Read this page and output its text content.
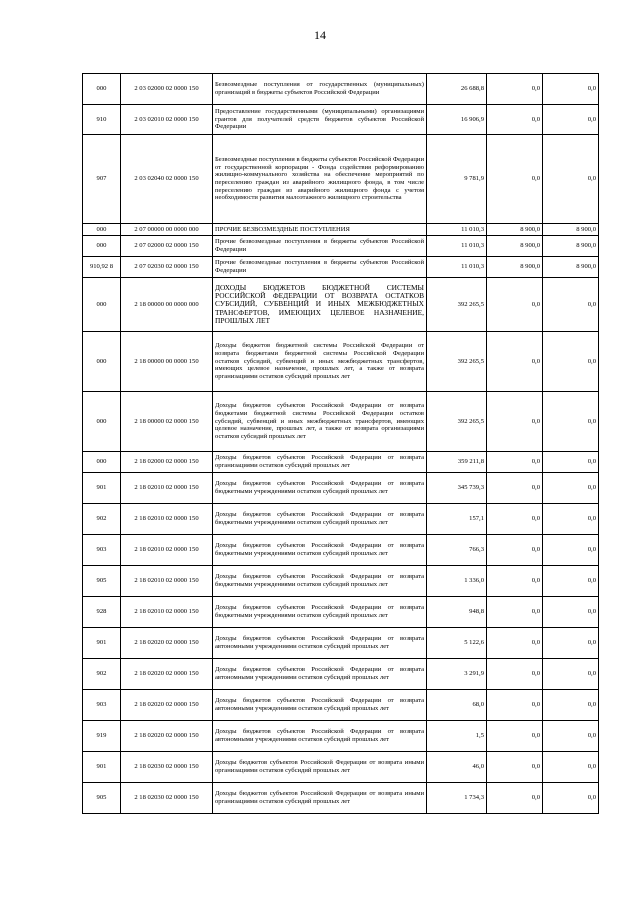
14
000	2 03 02000 02 0000 150	Безвозмездные поступления от государственных (муниципальных) организаций в бюджеты субъектов Российской Федерации	26 688,8	0,0	0,0
910	2 03 02010 02 0000 150	Предоставление государственными (муниципальными) организациями грантов для получателей средств бюджетов субъектов Российской Федерации	16 906,9	0,0	0,0
907	2 03 02040 02 0000 150	Безвозмездные поступления в бюджеты субъектов Российской Федерации от государственной корпорации - Фонда содействия реформированию жилищно-коммунального хозяйства на обеспечение мероприятий по переселению граждан из аварийного жилищного фонда, в том числе переселению граждан из аварийного жилищного фонда с учетом необходимости развития малоэтажного жилищного строительства	9 781,9	0,0	0,0
000	2 07 00000 00 0000 000	ПРОЧИЕ БЕЗВОЗМЕЗДНЫЕ ПОСТУПЛЕНИЯ	11 010,3	8 900,0	8 900,0
000	2 07 02000 02 0000 150	Прочие безвозмездные поступления в бюджеты субъектов Российской Федерации	11 010,3	8 900,0	8 900,0
910,92 8	2 07 02030 02 0000 150	Прочие безвозмездные поступления в бюджеты субъектов Российской Федерации	11 010,3	8 900,0	8 900,0
000	2 18 00000 00 0000 000	ДОХОДЫ БЮДЖЕТОВ БЮДЖЕТНОЙ СИСТЕМЫ РОССИЙСКОЙ ФЕДЕРАЦИИ ОТ ВОЗВРАТА ОСТАТКОВ СУБСИДИЙ, СУБВЕНЦИЙ И ИНЫХ МЕЖБЮДЖЕТНЫХ ТРАНСФЕРТОВ, ИМЕЮЩИХ ЦЕЛЕВОЕ НАЗНАЧЕНИЕ, ПРОШЛЫХ ЛЕТ	392 265,5	0,0	0,0
000	2 18 00000 00 0000 150	Доходы бюджетов бюджетной системы Российской Федерации от возврата бюджетами бюджетной системы Российской Федерации остатков субсидий, субвенций и иных межбюджетных трансфертов, имеющих целевое назначение, прошлых лет, а также от возврата организациями остатков субсидий прошлых лет	392 265,5	0,0	0,0
000	2 18 00000 02 0000 150	Доходы бюджетов субъектов Российской Федерации от возврата бюджетами бюджетной системы Российской Федерации остатков субсидий, субвенций и иных межбюджетных трансфертов, имеющих целевое назначение, прошлых лет, а также от возврата организациями остатков субсидий прошлых лет	392 265,5	0,0	0,0
000	2 18 02000 02 0000 150	Доходы бюджетов субъектов Российской Федерации от возврата организациями остатков субсидий прошлых лет	359 211,8	0,0	0,0
901	2 18 02010 02 0000 150	Доходы бюджетов субъектов Российской Федерации от возврата бюджетными учреждениями остатков субсидий прошлых лет	345 739,3	0,0	0,0
902	2 18 02010 02 0000 150	Доходы бюджетов субъектов Российской Федерации от возврата бюджетными учреждениями остатков субсидий прошлых лет	157,1	0,0	0,0
903	2 18 02010 02 0000 150	Доходы бюджетов субъектов Российской Федерации от возврата бюджетными учреждениями остатков субсидий прошлых лет	766,3	0,0	0,0
905	2 18 02010 02 0000 150	Доходы бюджетов субъектов Российской Федерации от возврата бюджетными учреждениями остатков субсидий прошлых лет	1 336,0	0,0	0,0
928	2 18 02010 02 0000 150	Доходы бюджетов субъектов Российской Федерации от возврата бюджетными учреждениями остатков субсидий прошлых лет	948,8	0,0	0,0
901	2 18 02020 02 0000 150	Доходы бюджетов субъектов Российской Федерации от возврата автономными учреждениями остатков субсидий прошлых лет	5 122,6	0,0	0,0
902	2 18 02020 02 0000 150	Доходы бюджетов субъектов Российской Федерации от возврата автономными учреждениями остатков субсидий прошлых лет	3 291,9	0,0	0,0
903	2 18 02020 02 0000 150	Доходы бюджетов субъектов Российской Федерации от возврата автономными учреждениями остатков субсидий прошлых лет	68,0	0,0	0,0
919	2 18 02020 02 0000 150	Доходы бюджетов субъектов Российской Федерации от возврата автономными учреждениями остатков субсидий прошлых лет	1,5	0,0	0,0
901	2 18 02030 02 0000 150	Доходы бюджетов субъектов Российской Федерации от возврата иными организациями остатков субсидий прошлых лет	46,0	0,0	0,0
905	2 18 02030 02 0000 150	Доходы бюджетов субъектов Российской Федерации от возврата иными организациями остатков субсидий прошлых лет	1 734,3	0,0	0,0
